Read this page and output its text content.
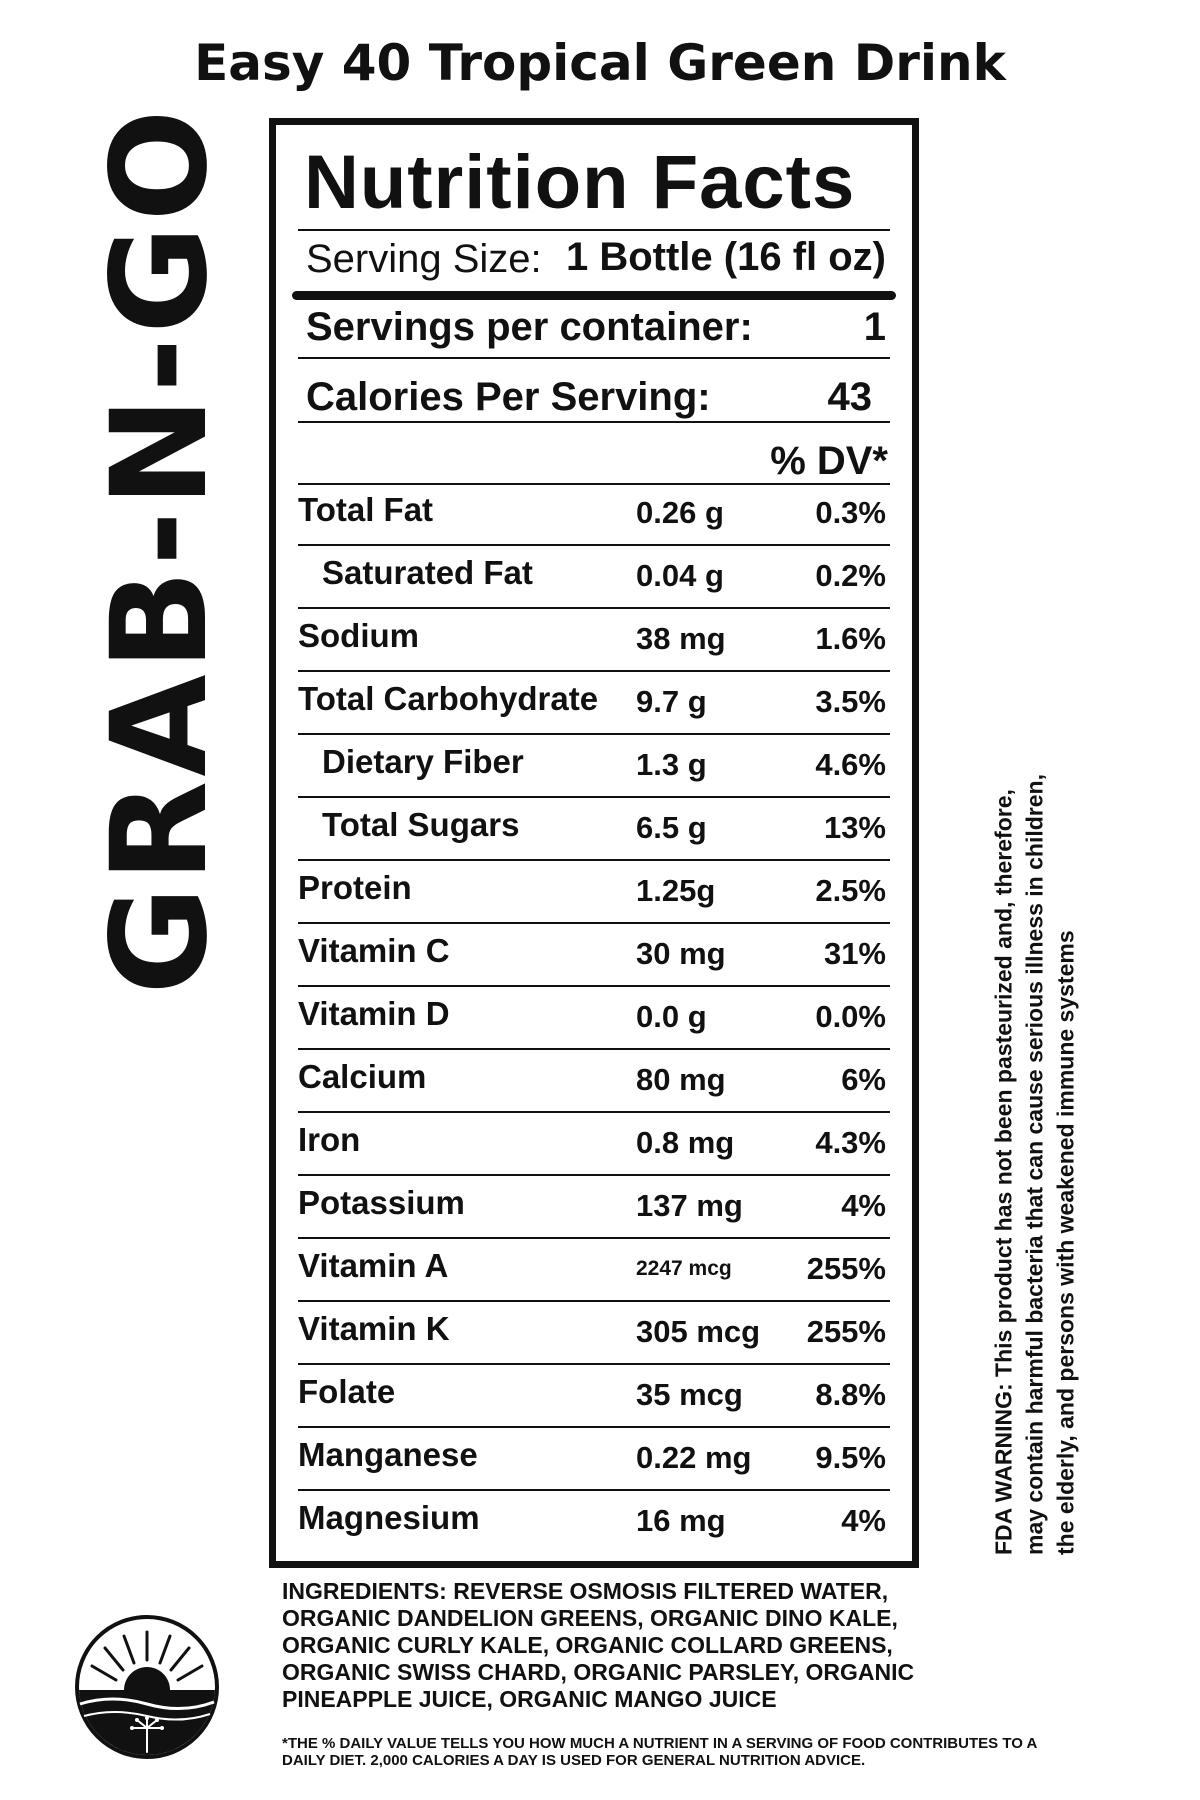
Easy 40 Tropical Green Drink
GRAB-N-GO Nutrition Facts
Serving Size: 1 Bottle (16 fl oz)
Servings per container:	1
Calories Per Serving:	43
% DV*
Total Fat	0.26 g	0.3%
Saturated Fat	0.04 g	0.2%
Sodium	38 mg	1.6%
Total Carbohydrate 9.7 g	3.5%
Dietary Fiber	1.3 g	4.6%
Total Sugars	6.5 g	13%
Protein	1.25g	2.5%
Vitamin C	30 mg	31%
Vitamin D	0.0 g	0.0%
Calcium	80 mg	6%
Iron	0.8 mg	4.3%
Potassium	137 mg	4%
Vitamin A	2247 mcg 255%
Vitamin K	305 mcg 255%
Folate	35 mcg 8.8%
Manganese	0.22 mg 9.5%
Magnesium	16 mg	4%	FDA WARNING: This product has not been pasteurized and, therefore, may contain harmful bacteria that can cause serious illness in children, the elderly, and persons with weakened immune systems
INGREDIENTS: REVERSE OSMOSIS FILTERED WATER, ORGANIC DANDELION GREENS, ORGANIC DINO KALE, ORGANIC CURLY KALE, ORGANIC COLLARD GREENS, ORGANIC SWISS CHARD, ORGANIC PARSLEY, ORGANIC PINEAPPLE JUICE, ORGANIC MANGO JUICE
*THE % DAILY VALUE TELLS YOU HOW MUCH A NUTRIENT IN A SERVING OF FOOD CONTRIBUTES TO A DAILY DIET. 2,000 CALORIES A DAY IS USED FOR GENERAL NUTRITION ADVICE.
